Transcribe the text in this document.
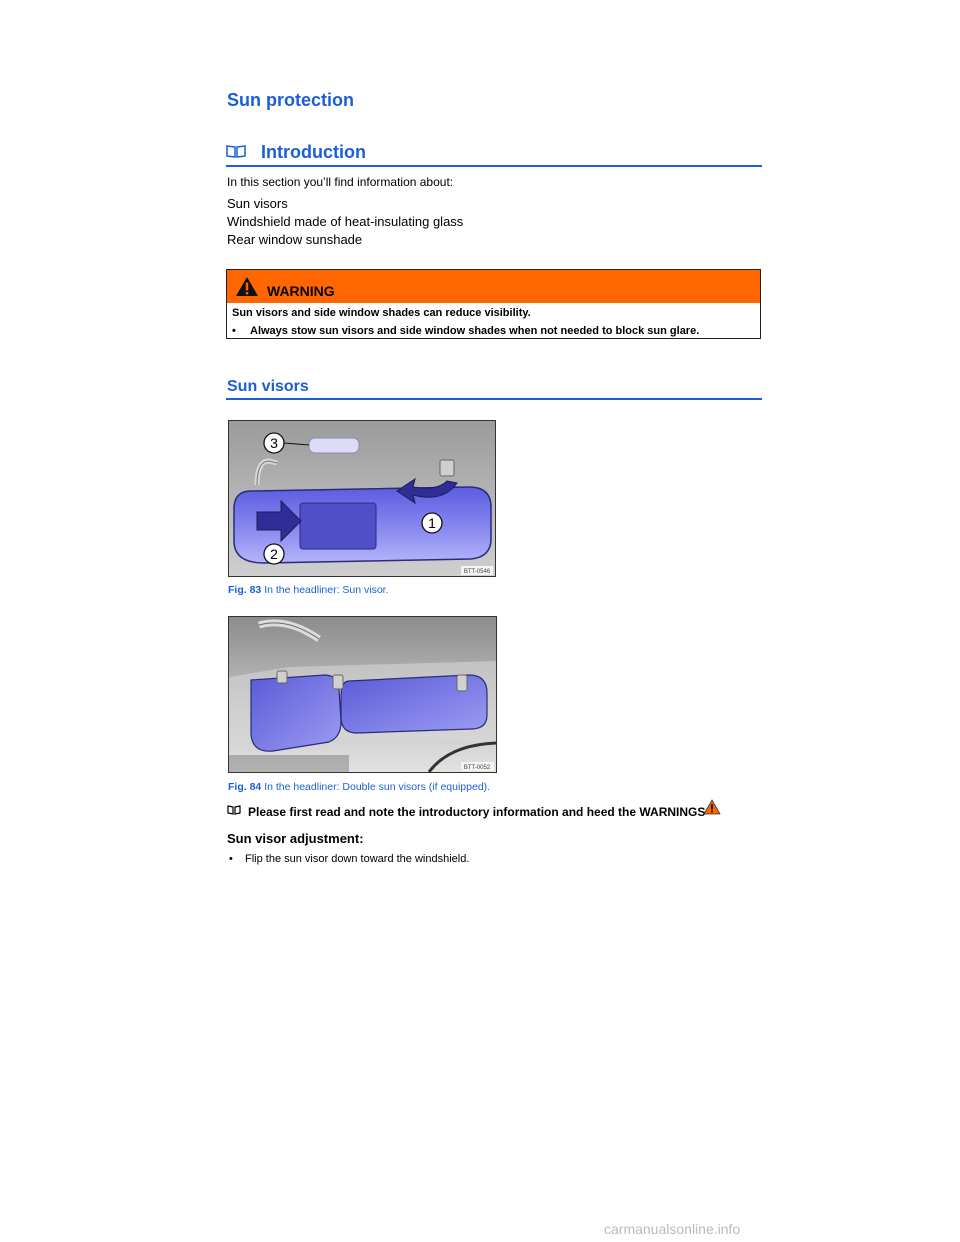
Sun protection
Introduction
In this section you’ll find information about:
Sun visors
Windshield made of heat-insulating glass
Rear window sunshade
WARNING
Sun visors and side window shades can reduce visibility.
• Always stow sun visors and side window shades when not needed to block sun glare.
Sun visors
3
2
1
BTT-0546
Fig. 83 In the headliner: Sun visor.
BTT-0052
Fig. 84 In the headliner: Double sun visors (if equipped).
Please first read and note the introductory information and heed the WARNINGS
Sun visor adjustment:
• Flip the sun visor down toward the windshield.
carmanualsonline.info
